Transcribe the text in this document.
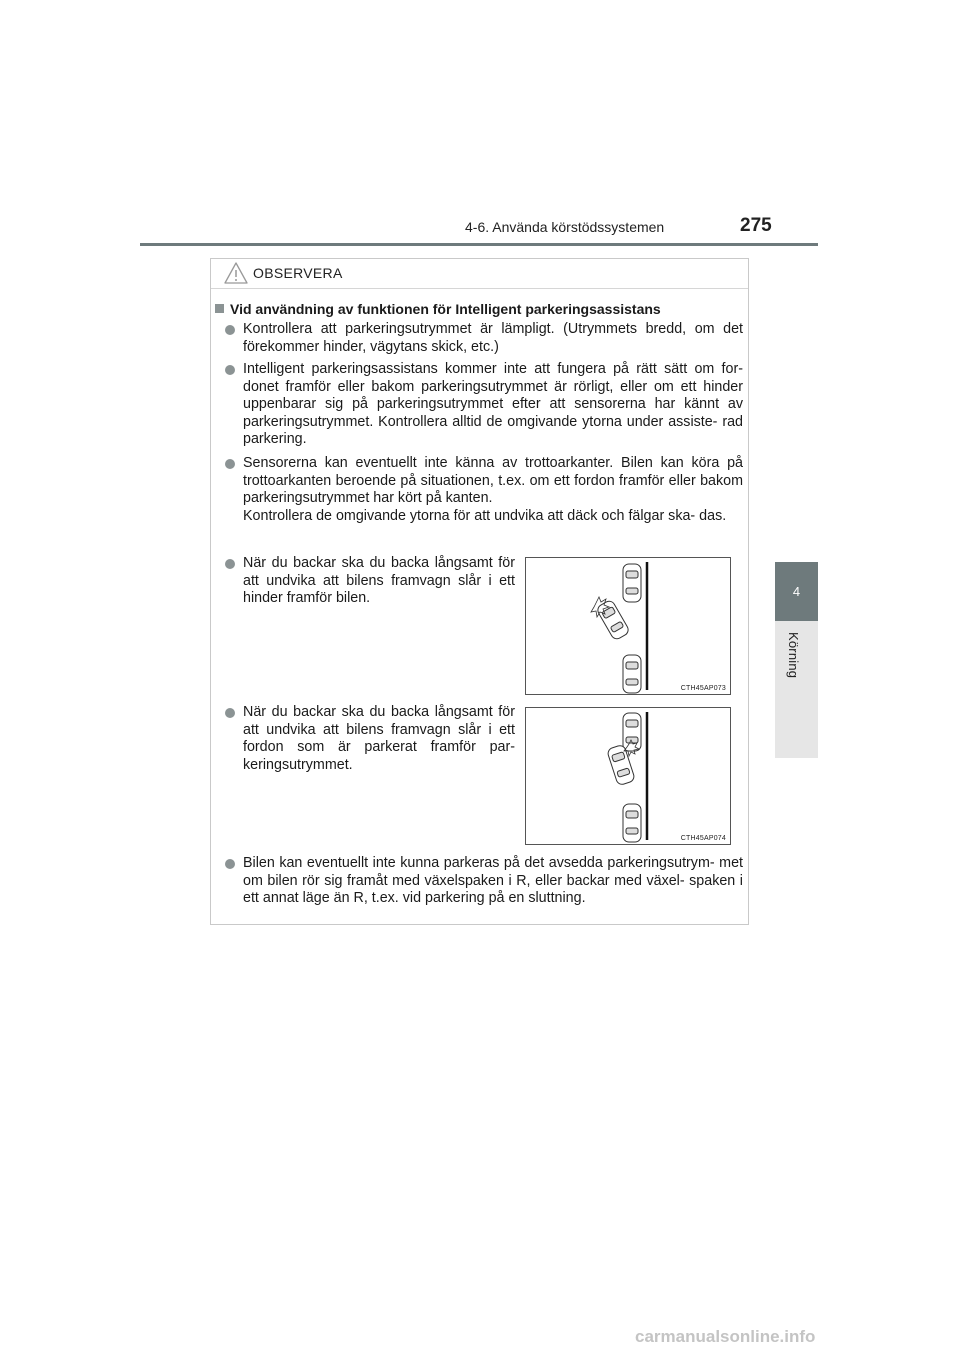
4-6. Använda körstödssystemen	275
4
Körning
OBSERVERA
Vid användning av funktionen för Intelligent parkeringsassistans
Kontrollera att parkeringsutrymmet är lämpligt. (Utrymmets bredd, om det förekommer hinder, vägytans skick, etc.)
Intelligent parkeringsassistans kommer inte att fungera på rätt sätt om for- donet framför eller bakom parkeringsutrymmet är rörligt, eller om ett hinder uppenbarar sig på parkeringsutrymmet efter att sensorerna har kännt av parkeringsutrymmet. Kontrollera alltid de omgivande ytorna under assiste- rad parkering.
Sensorerna kan eventuellt inte känna av trottoarkanter. Bilen kan köra på trottoarkanten beroende på situationen, t.ex. om ett fordon framför eller bakom parkeringsutrymmet har kört på kanten.
Kontrollera de omgivande ytorna för att undvika att däck och fälgar ska- das.
När du backar ska du backa långsamt för att undvika att bilens framvagn slår i ett hinder framför bilen.
CTH45AP073
När du backar ska du backa långsamt för att undvika att bilens framvagn slår i ett fordon som är parkerat framför par- keringsutrymmet.
CTH45AP074
Bilen kan eventuellt inte kunna parkeras på det avsedda parkeringsutrym- met om bilen rör sig framåt med växelspaken i R, eller backar med växel- spaken i ett annat läge än R, t.ex. vid parkering på en sluttning.
carmanualsonline.info
